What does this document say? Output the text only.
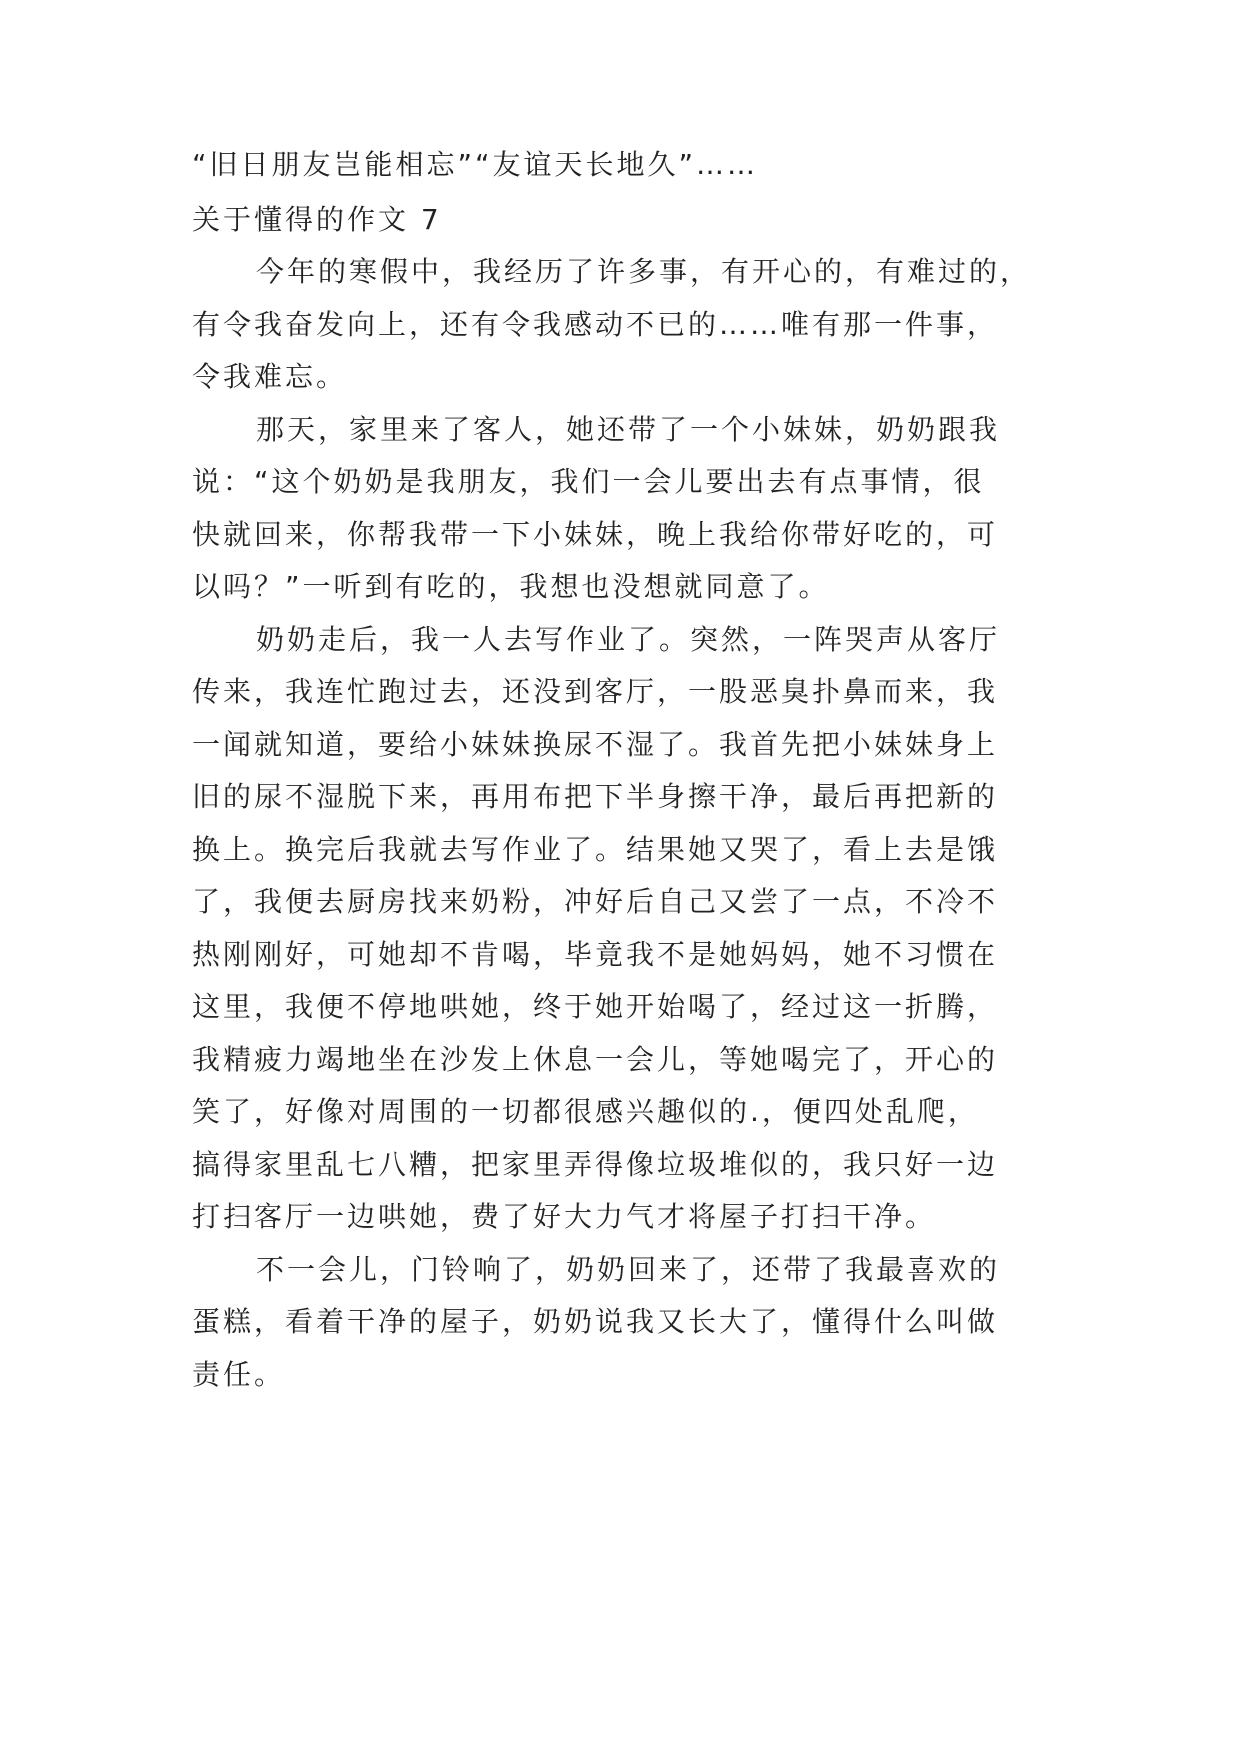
“旧日朋友岂能相忘”“友谊天长地久”……
关于懂得的作文 7
今年的寒假中，我经历了许多事，有开心的，有难过的，
有令我奋发向上，还有令我感动不已的……唯有那一件事，
令我难忘。
那天，家里来了客人，她还带了一个小妹妹，奶奶跟我
说：“这个奶奶是我朋友，我们一会儿要出去有点事情，很
快就回来，你帮我带一下小妹妹，晚上我给你带好吃的，可
以吗？”一听到有吃的，我想也没想就同意了。
奶奶走后，我一人去写作业了。突然，一阵哭声从客厅
传来，我连忙跑过去，还没到客厅，一股恶臭扑鼻而来，我
一闻就知道，要给小妹妹换尿不湿了。我首先把小妹妹身上
旧的尿不湿脱下来，再用布把下半身擦干净，最后再把新的
换上。换完后我就去写作业了。结果她又哭了，看上去是饿
了，我便去厨房找来奶粉，冲好后自己又尝了一点，不冷不
热刚刚好，可她却不肯喝，毕竟我不是她妈妈，她不习惯在
这里，我便不停地哄她，终于她开始喝了，经过这一折腾，
我精疲力竭地坐在沙发上休息一会儿，等她喝完了，开心的
笑了，好像对周围的一切都很感兴趣似的.，便四处乱爬，
搞得家里乱七八糟，把家里弄得像垃圾堆似的，我只好一边
打扫客厅一边哄她，费了好大力气才将屋子打扫干净。
不一会儿，门铃响了，奶奶回来了，还带了我最喜欢的
蛋糕，看着干净的屋子，奶奶说我又长大了，懂得什么叫做
责任。
